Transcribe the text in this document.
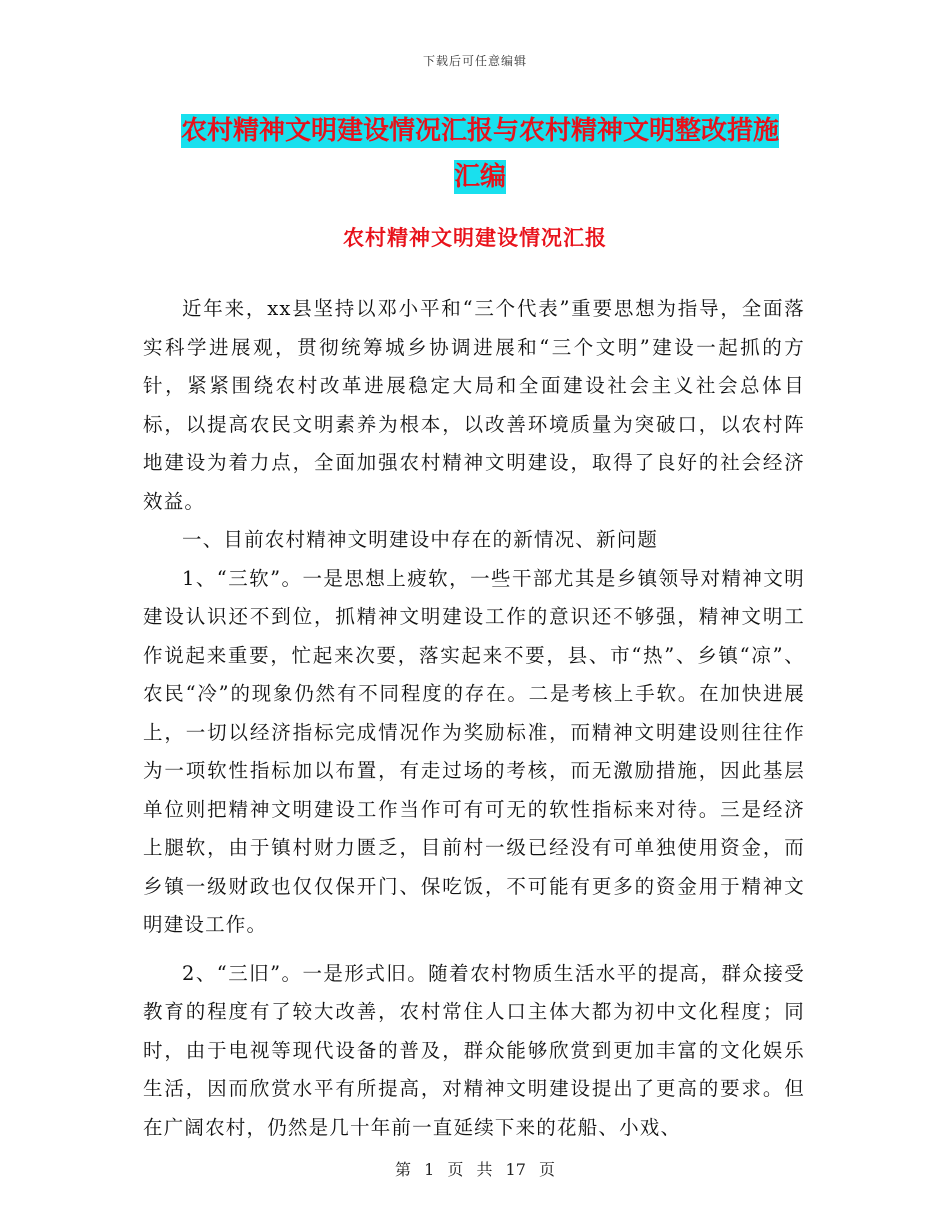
下载后可任意编辑
农村精神文明建设情况汇报与农村精神文明整改措施
汇编
农村精神文明建设情况汇报

近年来，xx县坚持以邓小平和“三个代表”重要思想为指导，全面落实科学进展观，贯彻统筹城乡协调进展和“三个文明”建设一起抓的方针，紧紧围绕农村改革进展稳定大局和全面建设社会主义社会总体目标，以提高农民文明素养为根本，以改善环境质量为突破口，以农村阵地建设为着力点，全面加强农村精神文明建设，取得了良好的社会经济效益。

一、目前农村精神文明建设中存在的新情况、新问题

1、“三软”。一是思想上疲软，一些干部尤其是乡镇领导对精神文明建设认识还不到位，抓精神文明建设工作的意识还不够强，精神文明工作说起来重要，忙起来次要，落实起来不要，县、市“热”、乡镇“凉”、农民“冷”的现象仍然有不同程度的存在。二是考核上手软。在加快进展上，一切以经济指标完成情况作为奖励标准，而精神文明建设则往往作为一项软性指标加以布置，有走过场的考核，而无激励措施，因此基层单位则把精神文明建设工作当作可有可无的软性指标来对待。三是经济上腿软，由于镇村财力匮乏，目前村一级已经没有可单独使用资金，而乡镇一级财政也仅仅保开门、保吃饭，不可能有更多的资金用于精神文明建设工作。

2、“三旧”。一是形式旧。随着农村物质生活水平的提高，群众接受教育的程度有了较大改善，农村常住人口主体大都为初中文化程度；同时，由于电视等现代设备的普及，群众能够欣赏到更加丰富的文化娱乐生活，因而欣赏水平有所提高，对精神文明建设提出了更高的要求。但在广阔农村，仍然是几十年前一直延续下来的花船、小戏、

第 1 页 共 17 页
